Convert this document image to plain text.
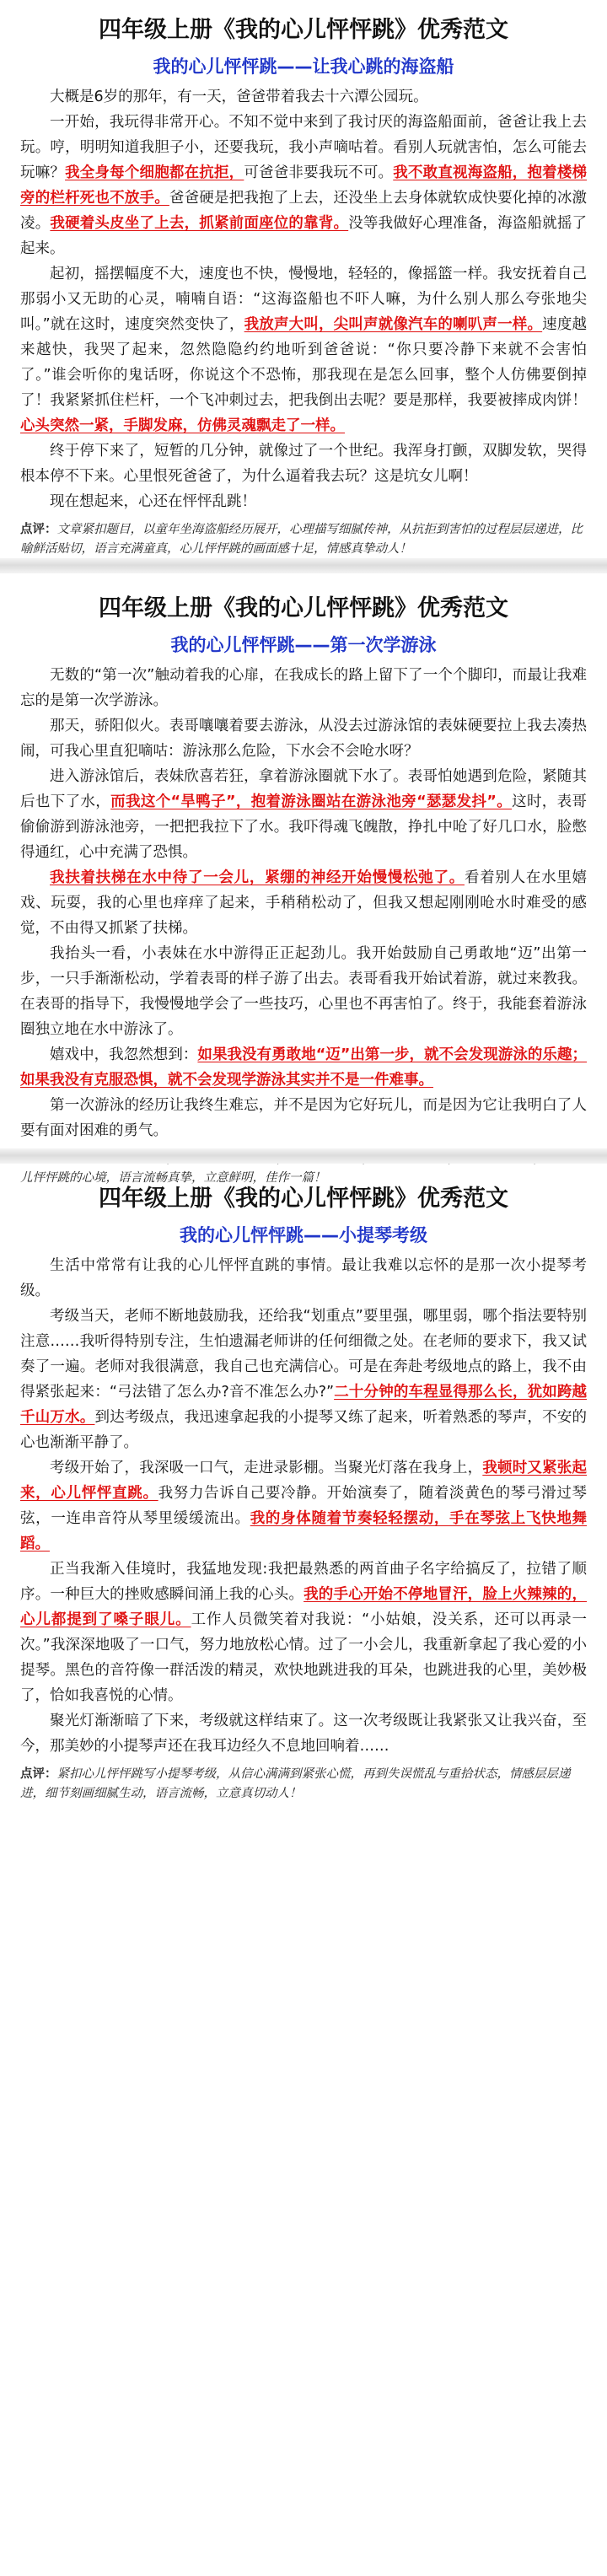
四年级上册《我的心儿怦怦跳》优秀范文
我的心儿怦怦跳——让我心跳的海盗船

大概是6岁的那年，有一天，爸爸带着我去十六潭公园玩。

一开始，我玩得非常开心。不知不觉中来到了我讨厌的海盗船面前，爸爸让我上去玩。哼，明明知道我胆子小，还要我玩，我小声嘀咕着。看别人玩就害怕，怎么可能去玩嘛？我全身每个细胞都在抗拒，可爸爸非要我玩不可。我不敢直视海盗船，抱着楼梯旁的栏杆死也不放手。爸爸硬是把我抱了上去，还没坐上去身体就软成快要化掉的冰激凌。我硬着头皮坐了上去，抓紧前面座位的靠背。没等我做好心理准备，海盗船就摇了起来。

起初，摇摆幅度不大，速度也不快，慢慢地，轻轻的，像摇篮一样。我安抚着自己那弱小又无助的心灵，喃喃自语：“这海盗船也不吓人嘛，为什么别人那么夸张地尖叫。”就在这时，速度突然变快了，我放声大叫，尖叫声就像汽车的喇叭声一样。速度越来越快，我哭了起来，忽然隐隐约约地听到爸爸说：“你只要冷静下来就不会害怕了。”谁会听你的鬼话呀，你说这个不恐怖，那我现在是怎么回事，整个人仿佛要倒掉了！我紧紧抓住栏杆，一个飞冲刺过去，把我倒出去呢？要是那样，我要被摔成肉饼！心头突然一紧，手脚发麻，仿佛灵魂飘走了一样。

终于停下来了，短暂的几分钟，就像过了一个世纪。我浑身打颤，双脚发软，哭得根本停不下来。心里恨死爸爸了，为什么逼着我去玩？这是坑女儿啊！

现在想起来，心还在怦怦乱跳！

点评：文章紧扣题目，以童年坐海盗船经历展开，心理描写细腻传神，从抗拒到害怕的过程层层递进，比喻鲜活贴切，语言充满童真，心儿怦怦跳的画面感十足，情感真挚动人！
四年级上册《我的心儿怦怦跳》优秀范文
我的心儿怦怦跳——第一次学游泳

无数的“第一次”触动着我的心扉，在我成长的路上留下了一个个脚印，而最让我难忘的是第一次学游泳。

那天，骄阳似火。表哥嚷嚷着要去游泳，从没去过游泳馆的表妹硬要拉上我去凑热闹，可我心里直犯嘀咕：游泳那么危险，下水会不会呛水呀？

进入游泳馆后，表妹欣喜若狂，拿着游泳圈就下水了。表哥怕她遇到危险，紧随其后也下了水，而我这个“旱鸭子”，抱着游泳圈站在游泳池旁“瑟瑟发抖”。这时，表哥偷偷游到游泳池旁，一把把我拉下了水。我吓得魂飞魄散，挣扎中呛了好几口水，脸憋得通红，心中充满了恐惧。

我扶着扶梯在水中待了一会儿，紧绷的神经开始慢慢松弛了。看着别人在水里嬉戏、玩耍，我的心里也痒痒了起来，手稍稍松动了，但我又想起刚刚呛水时难受的感觉，不由得又抓紧了扶梯。

我抬头一看，小表妹在水中游得正正起劲儿。我开始鼓励自己勇敢地“迈”出第一步，一只手渐渐松动，学着表哥的样子游了出去。表哥看我开始试着游，就过来教我。在表哥的指导下，我慢慢地学会了一些技巧，心里也不再害怕了。终于，我能套着游泳圈独立地在水中游泳了。

嬉戏中，我忽然想到：如果我没有勇敢地“迈”出第一步，就不会发现游泳的乐趣；如果我没有克服恐惧，就不会发现学游泳其实并不是一件难事。

第一次游泳的经历让我终生难忘，并不是因为它好玩儿，而是因为它让我明白了人要有面对困难的勇气。

儿怦怦跳的心境，语言流畅真挚，立意鲜明，佳作一篇！
四年级上册《我的心儿怦怦跳》优秀范文
我的心儿怦怦跳——小提琴考级

生活中常常有让我的心儿怦怦直跳的事情。最让我难以忘怀的是那一次小提琴考级。

考级当天，老师不断地鼓励我，还给我“划重点”要里强，哪里弱，哪个指法要特别注意……我听得特别专注，生怕遗漏老师讲的任何细微之处。在老师的要求下，我又试奏了一遍。老师对我很满意，我自己也充满信心。可是在奔赴考级地点的路上，我不由得紧张起来：“弓法错了怎么办?音不准怎么办?”二十分钟的车程显得那么长，犹如跨越千山万水。到达考级点，我迅速拿起我的小提琴又练了起来，听着熟悉的琴声，不安的心也渐渐平静了。

考级开始了，我深吸一口气，走进录影棚。当聚光灯落在我身上，我顿时又紧张起来，心儿怦怦直跳。我努力告诉自己要冷静。开始演奏了，随着淡黄色的琴弓滑过琴弦，一连串音符从琴里缓缓流出。我的身体随着节奏轻轻摆动，手在琴弦上飞快地舞蹈。

正当我渐入佳境时，我猛地发现:我把最熟悉的两首曲子名字给搞反了，拉错了顺序。一种巨大的挫败感瞬间涌上我的心头。我的手心开始不停地冒汗，脸上火辣辣的，心儿都提到了嗓子眼儿。工作人员微笑着对我说：“小姑娘，没关系，还可以再录一次。”我深深地吸了一口气，努力地放松心情。过了一小会儿，我重新拿起了我心爱的小提琴。黑色的音符像一群活泼的精灵，欢快地跳进我的耳朵，也跳进我的心里，美妙极了，恰如我喜悦的心情。

聚光灯渐渐暗了下来，考级就这样结束了。这一次考级既让我紧张又让我兴奋，至今，那美妙的小提琴声还在我耳边经久不息地回响着……

点评：紧扣心儿怦怦跳写小提琴考级，从信心满满到紧张心慌，再到失误慌乱与重拾状态，情感层层递进，细节刻画细腻生动，语言流畅，立意真切动人！
